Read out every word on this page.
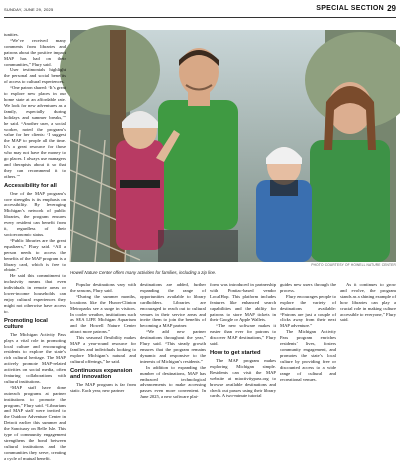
SUNDAY, JUNE 29, 2025	SPECIAL SECTION 29
PHOTO COURTESY OF HOWELL NATURE CENTER
Howell Nature Center offers many activities for families, including a zip line.

tunities.

“We’ve received many comments from libraries and patrons about the positive impact MAP has had on their communities,” Flury said.

User testimonials highlight the personal and social benefits of access to cultural experiences.

“One patron shared: ‘It’s great to explore new places in our home state at an affordable rate. We look for new adventures as a family, especially during holidays and summer breaks,’” he said. “Another user, a social worker, noted the program’s value for her clients: ‘I suggest the MAP to people all the time. It’s a great resource for those who may not have the money to go places. I always use managers and therapists about it so that they can recommend it to others.’”

Accessibility for all

One of the MAP program’s core strengths is its emphasis on accessibility. By leveraging Michigan’s network of public libraries, the program ensures every resident can benefit from it, regardless of their socioeconomic status.

“Public libraries are the great equalizers,” Flury said. “All a person needs to access the benefits of the MAP program is a library card, which is free to obtain.”

He said this commitment to inclusivity means that even individuals in remote areas or lower-income households can enjoy cultural experiences they might not otherwise have access to.

Promoting local culture

The Michigan Activity Pass plays a vital role in promoting local culture and encouraging residents to explore the state’s rich cultural heritage. The MAP actively promote MAP-related activities on social media, often featuring collaborations with cultural institutions.

“MAP staff have done outreach programs at partner institutions to promote the program,” Flury said. “Librarians and MAP staff were invited to the Outdoor Adventure Center in Detroit earlier this summer and the Sanctuary on Belle Isle. This type of community engagement strengthens the bond between cultural institutions and the communities they serve, creating a cycle of mutual benefit.

Popular destinations vary with the seasons, Flury said.

“During the summer months, locations like the Huron-Clinton Metroparks see a surge in visitors. In cooler weather, institutions such as SEA LIFE Michigan Aquarium and the Howell Nature Center attract more patrons.”

This seasonal flexibility makes MAP a year-round resource for families and individuals looking to explore Michigan’s natural and cultural offerings,” he said.

Continuous expansion and innovation

The MAP program is far from static. Each year, new partner

destinations are added, further expanding the range of opportunities available to library cardholders. Libraries are encouraged to reach out to cultural venues in their service areas and invite them to join the benefits of becoming a MAP partner.

“We add new partner destinations throughout the year,” Flury said. “This steady growth ensures that the program remains dynamic and responsive to the interests of Michigan’s residents.”

In addition to expanding the number of destinations, MAP has embraced technological advancements to make accessing passes even more convenient. In June 2025, a new software plat-

form was introduced in partnership with Pontiac-based vendor LocalHop. This platform includes features like enhanced search capabilities and the ability for patrons to store MAP tickets in their Google or Apple Wallets.

“The new software makes it easier than ever for patrons to discover MAP destinations,” Flury said.

How to get started

The MAP program makes exploring Michigan simple. Residents can visit the MAP website at miactivitypass.org to browse available destinations and check out passes using their library cards. A two-minute tutorial

guides new users through the process.

Flury encourages people to explore the variety of destinations available: “Patrons are just a couple of clicks away from their next MAP adventure.”

The Michigan Activity Pass program enriches residents’ lives, fosters community engagement, and promotes the state’s local culture by providing free or discounted access to a wide range of cultural and recreational venues.

As it continues to grow and evolve, the program stands as a shining example of how libraries can play a crucial role in making culture accessible to everyone,” Flury said.
